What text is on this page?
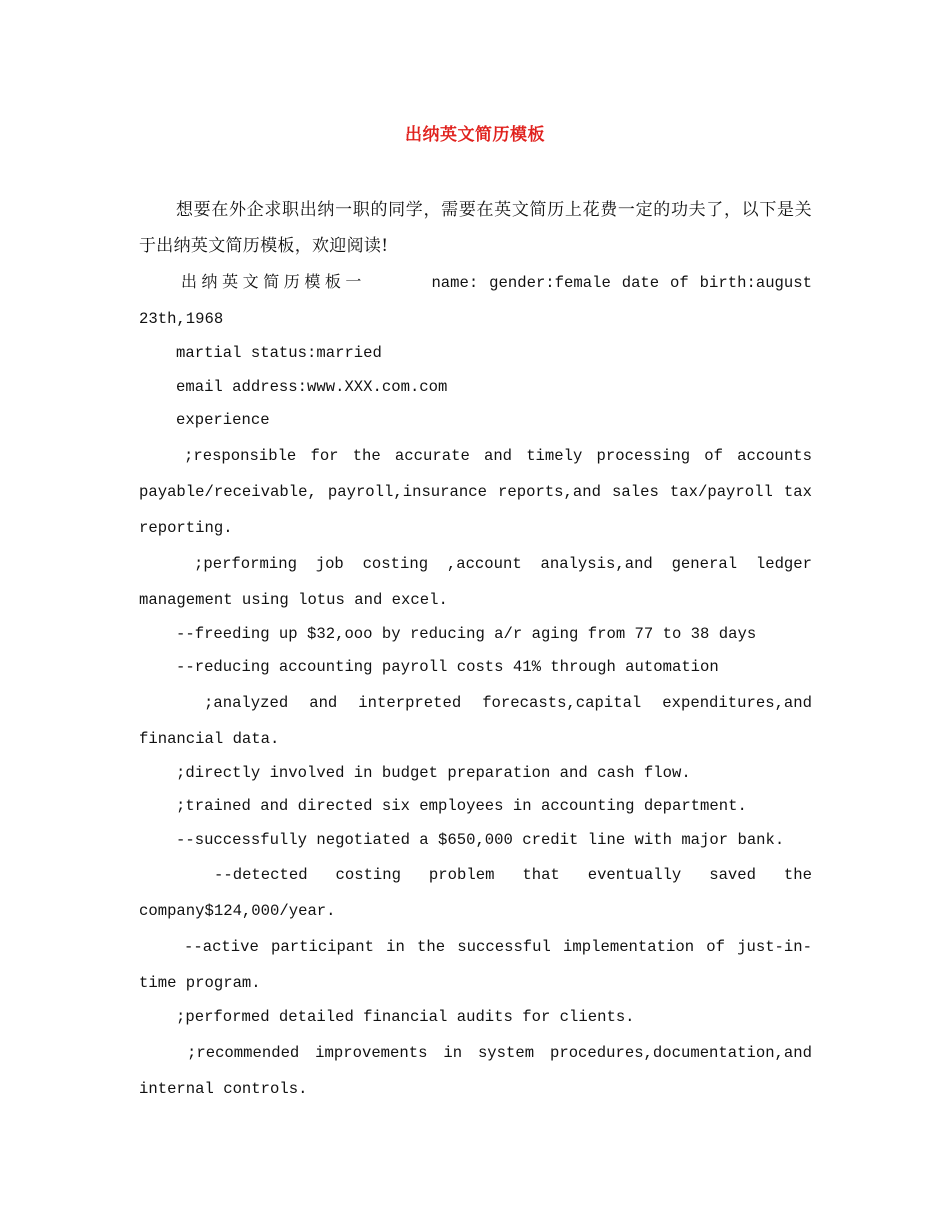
出纳英文简历模板

想要在外企求职出纳一职的同学，需要在英文简历上花费一定的功夫了，以下是关于出纳英文简历模板，欢迎阅读!

出纳英文简历模板一	name: gender:female date of birth:august 23th,1968

martial status:married

email address:www.XXX.com.com

experience

;responsible for the accurate and timely processing of accounts payable/receivable, payroll,insurance reports,and sales tax/payroll tax reporting.

;performing job costing ,account analysis,and general ledger management using lotus and excel.

--freeding up $32,ooo by reducing a/r aging from 77 to 38 days

--reducing accounting payroll costs 41% through automation

;analyzed and interpreted forecasts,capital expenditures,and financial data.

;directly involved in budget preparation and cash flow.

;trained and directed six employees in accounting department.

--successfully negotiated a $650,000 credit line with major bank.

--detected costing problem that eventually saved the company$124,000/year.

--active participant in the successful implementation of just-in-time program.

;performed detailed financial audits for clients.

;recommended improvements in system procedures,documentation,and internal controls.
